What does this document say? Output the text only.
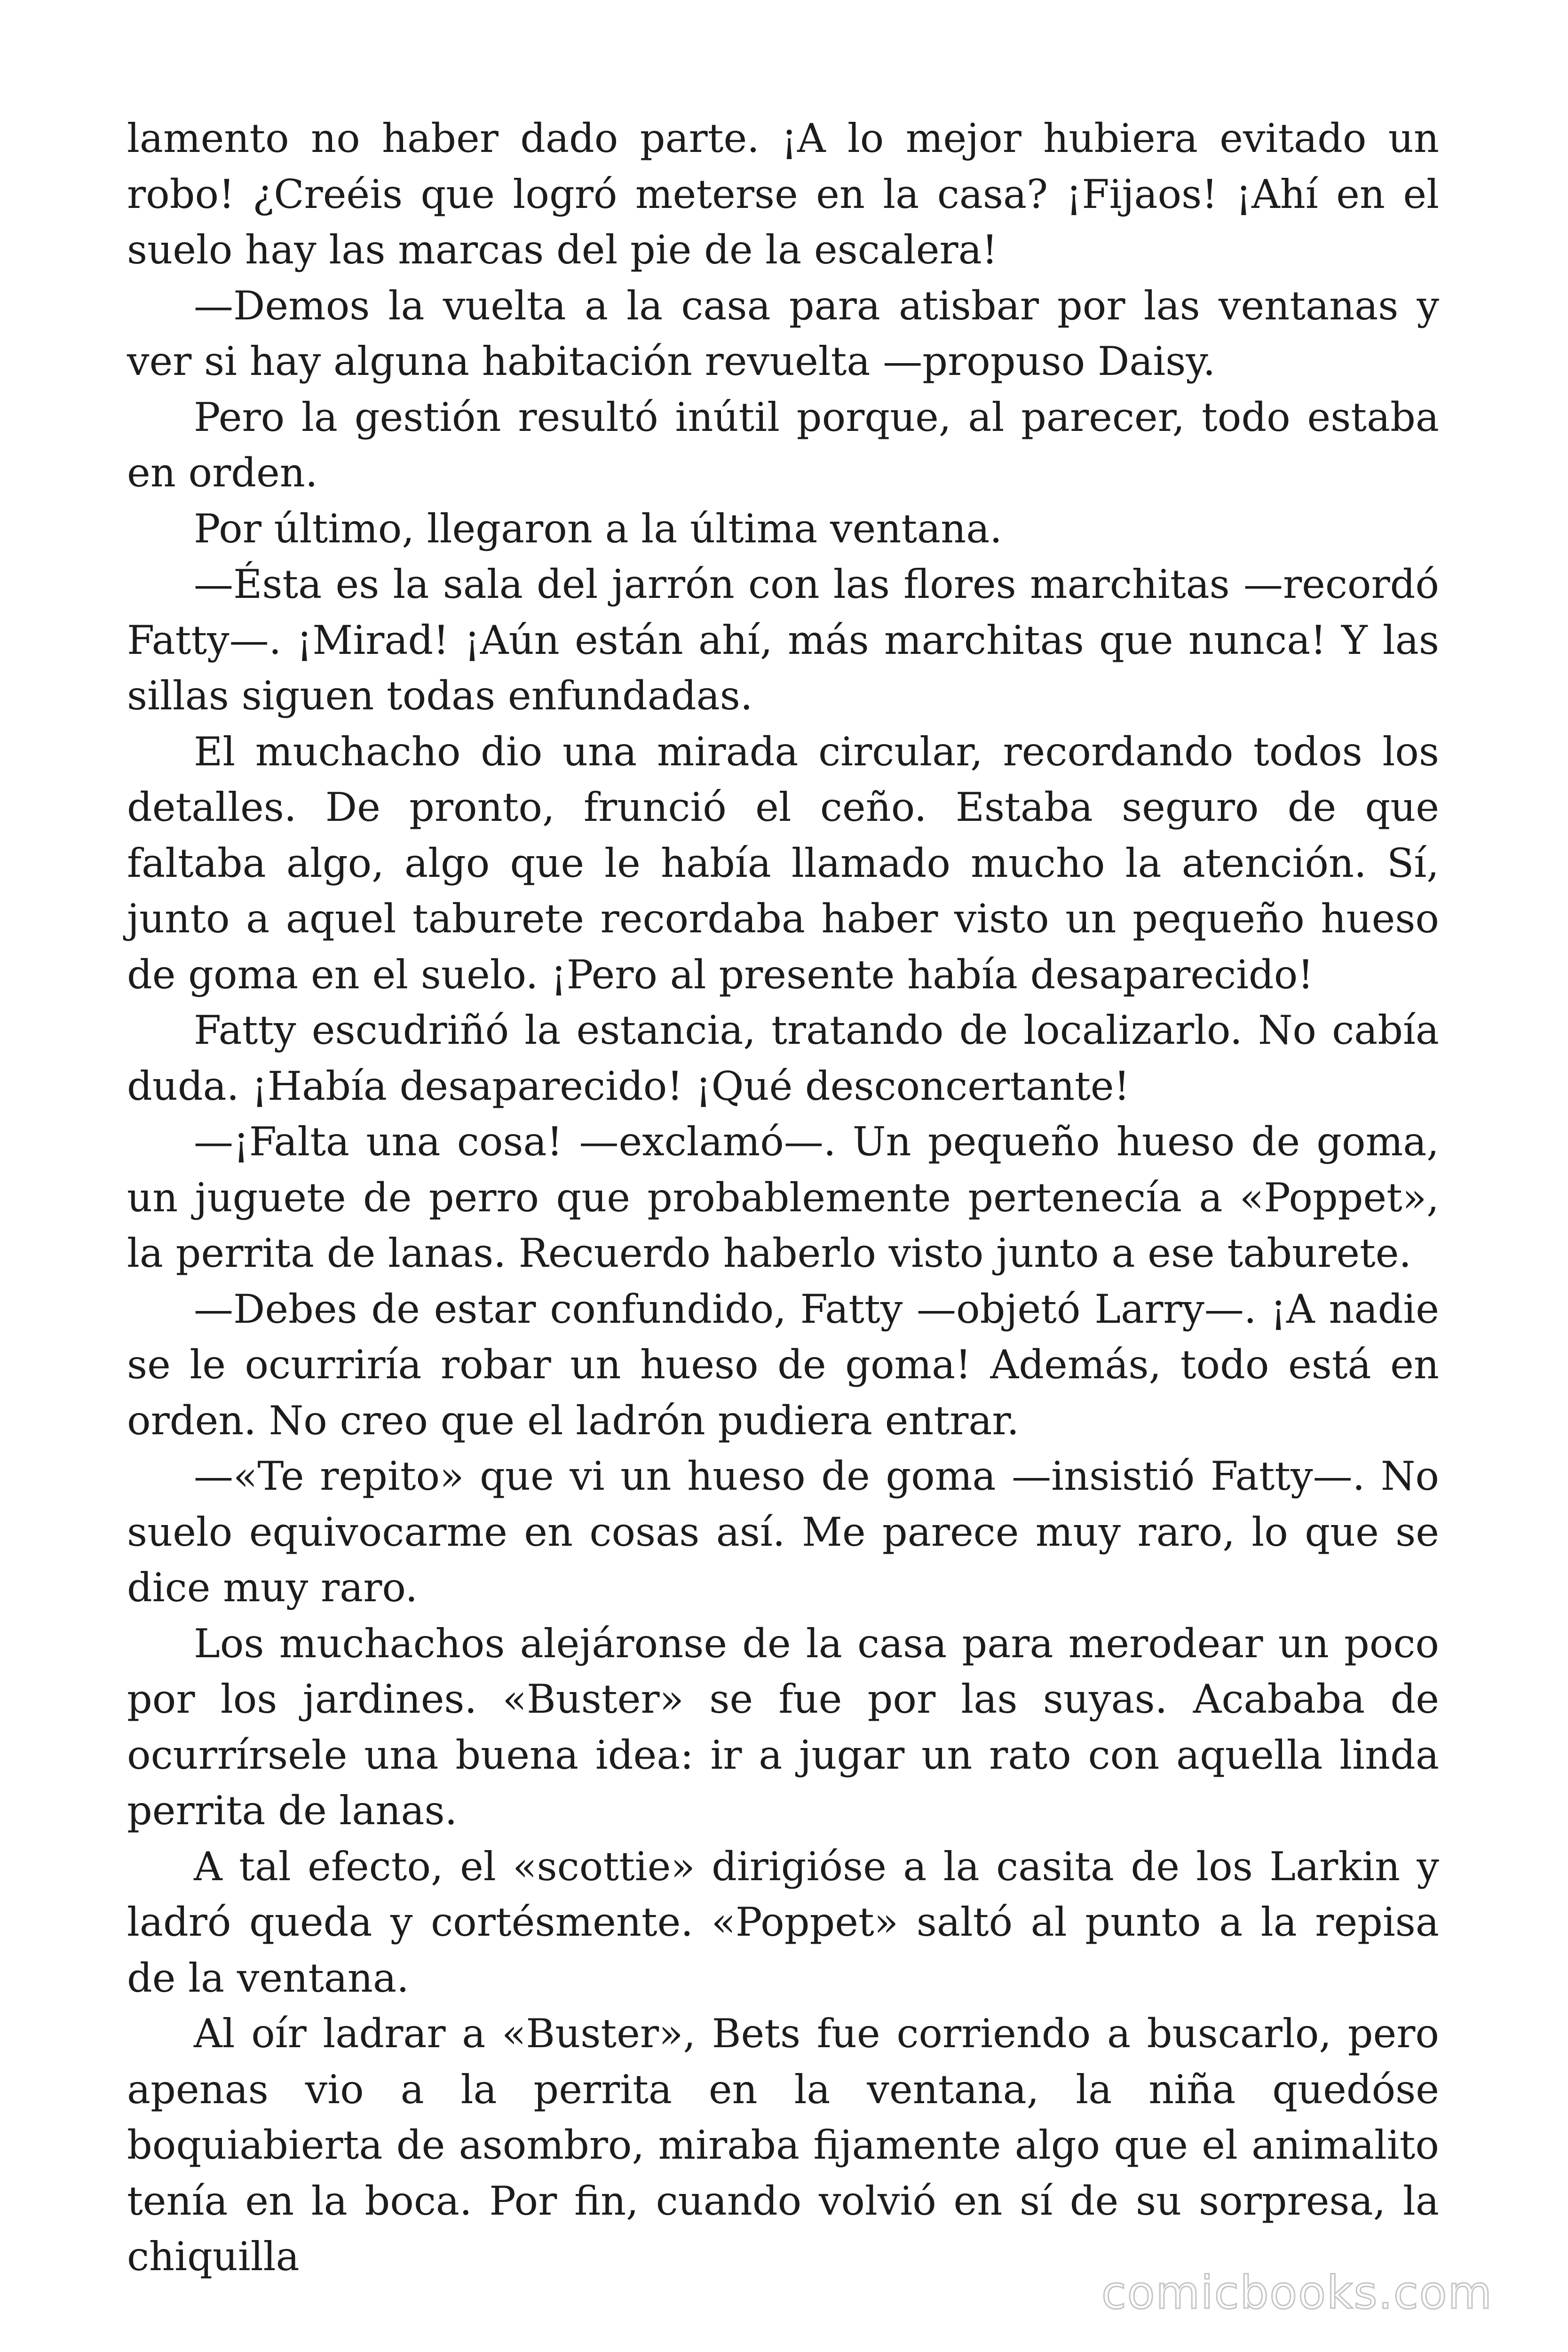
lamento no haber dado parte. ¡A lo mejor hubiera evitado un robo! ¿Creéis que logró meterse en la casa? ¡Fijaos! ¡Ahí en el suelo hay las marcas del pie de la escalera!

—Demos la vuelta a la casa para atisbar por las ventanas y ver si hay alguna habitación revuelta —propuso Daisy.

Pero la gestión resultó inútil porque, al parecer, todo estaba en orden.

Por último, llegaron a la última ventana.

—Ésta es la sala del jarrón con las flores marchitas —recordó Fatty—. ¡Mirad! ¡Aún están ahí, más marchitas que nunca! Y las sillas siguen todas enfundadas.

El muchacho dio una mirada circular, recordando todos los detalles. De pronto, frunció el ceño. Estaba seguro de que faltaba algo, algo que le había llamado mucho la atención. Sí, junto a aquel taburete recordaba haber visto un pequeño hueso de goma en el suelo. ¡Pero al presente había desaparecido!

Fatty escudriñó la estancia, tratando de localizarlo. No cabía duda. ¡Había desaparecido! ¡Qué desconcertante!

—¡Falta una cosa! —exclamó—. Un pequeño hueso de goma, un juguete de perro que probablemente pertenecía a «Poppet», la perrita de lanas. Recuerdo haberlo visto junto a ese taburete.

—Debes de estar confundido, Fatty —objetó Larry—. ¡A nadie se le ocurriría robar un hueso de goma! Además, todo está en orden. No creo que el ladrón pudiera entrar.

—«Te repito» que vi un hueso de goma —insistió Fatty—. No suelo equivocarme en cosas así. Me parece muy raro, lo que se dice muy raro.

Los muchachos alejáronse de la casa para merodear un poco por los jardines. «Buster» se fue por las suyas. Acababa de ocurrírsele una buena idea: ir a jugar un rato con aquella linda perrita de lanas.

A tal efecto, el «scottie» dirigióse a la casita de los Larkin y ladró queda y cortésmente. «Poppet» saltó al punto a la repisa de la ventana.

Al oír ladrar a «Buster», Bets fue corriendo a buscarlo, pero apenas vio a la perrita en la ventana, la niña quedóse boquiabierta de asombro, miraba fijamente algo que el animalito tenía en la boca. Por fin, cuando volvió en sí de su sorpresa, la chiquilla

comicbooks.com
